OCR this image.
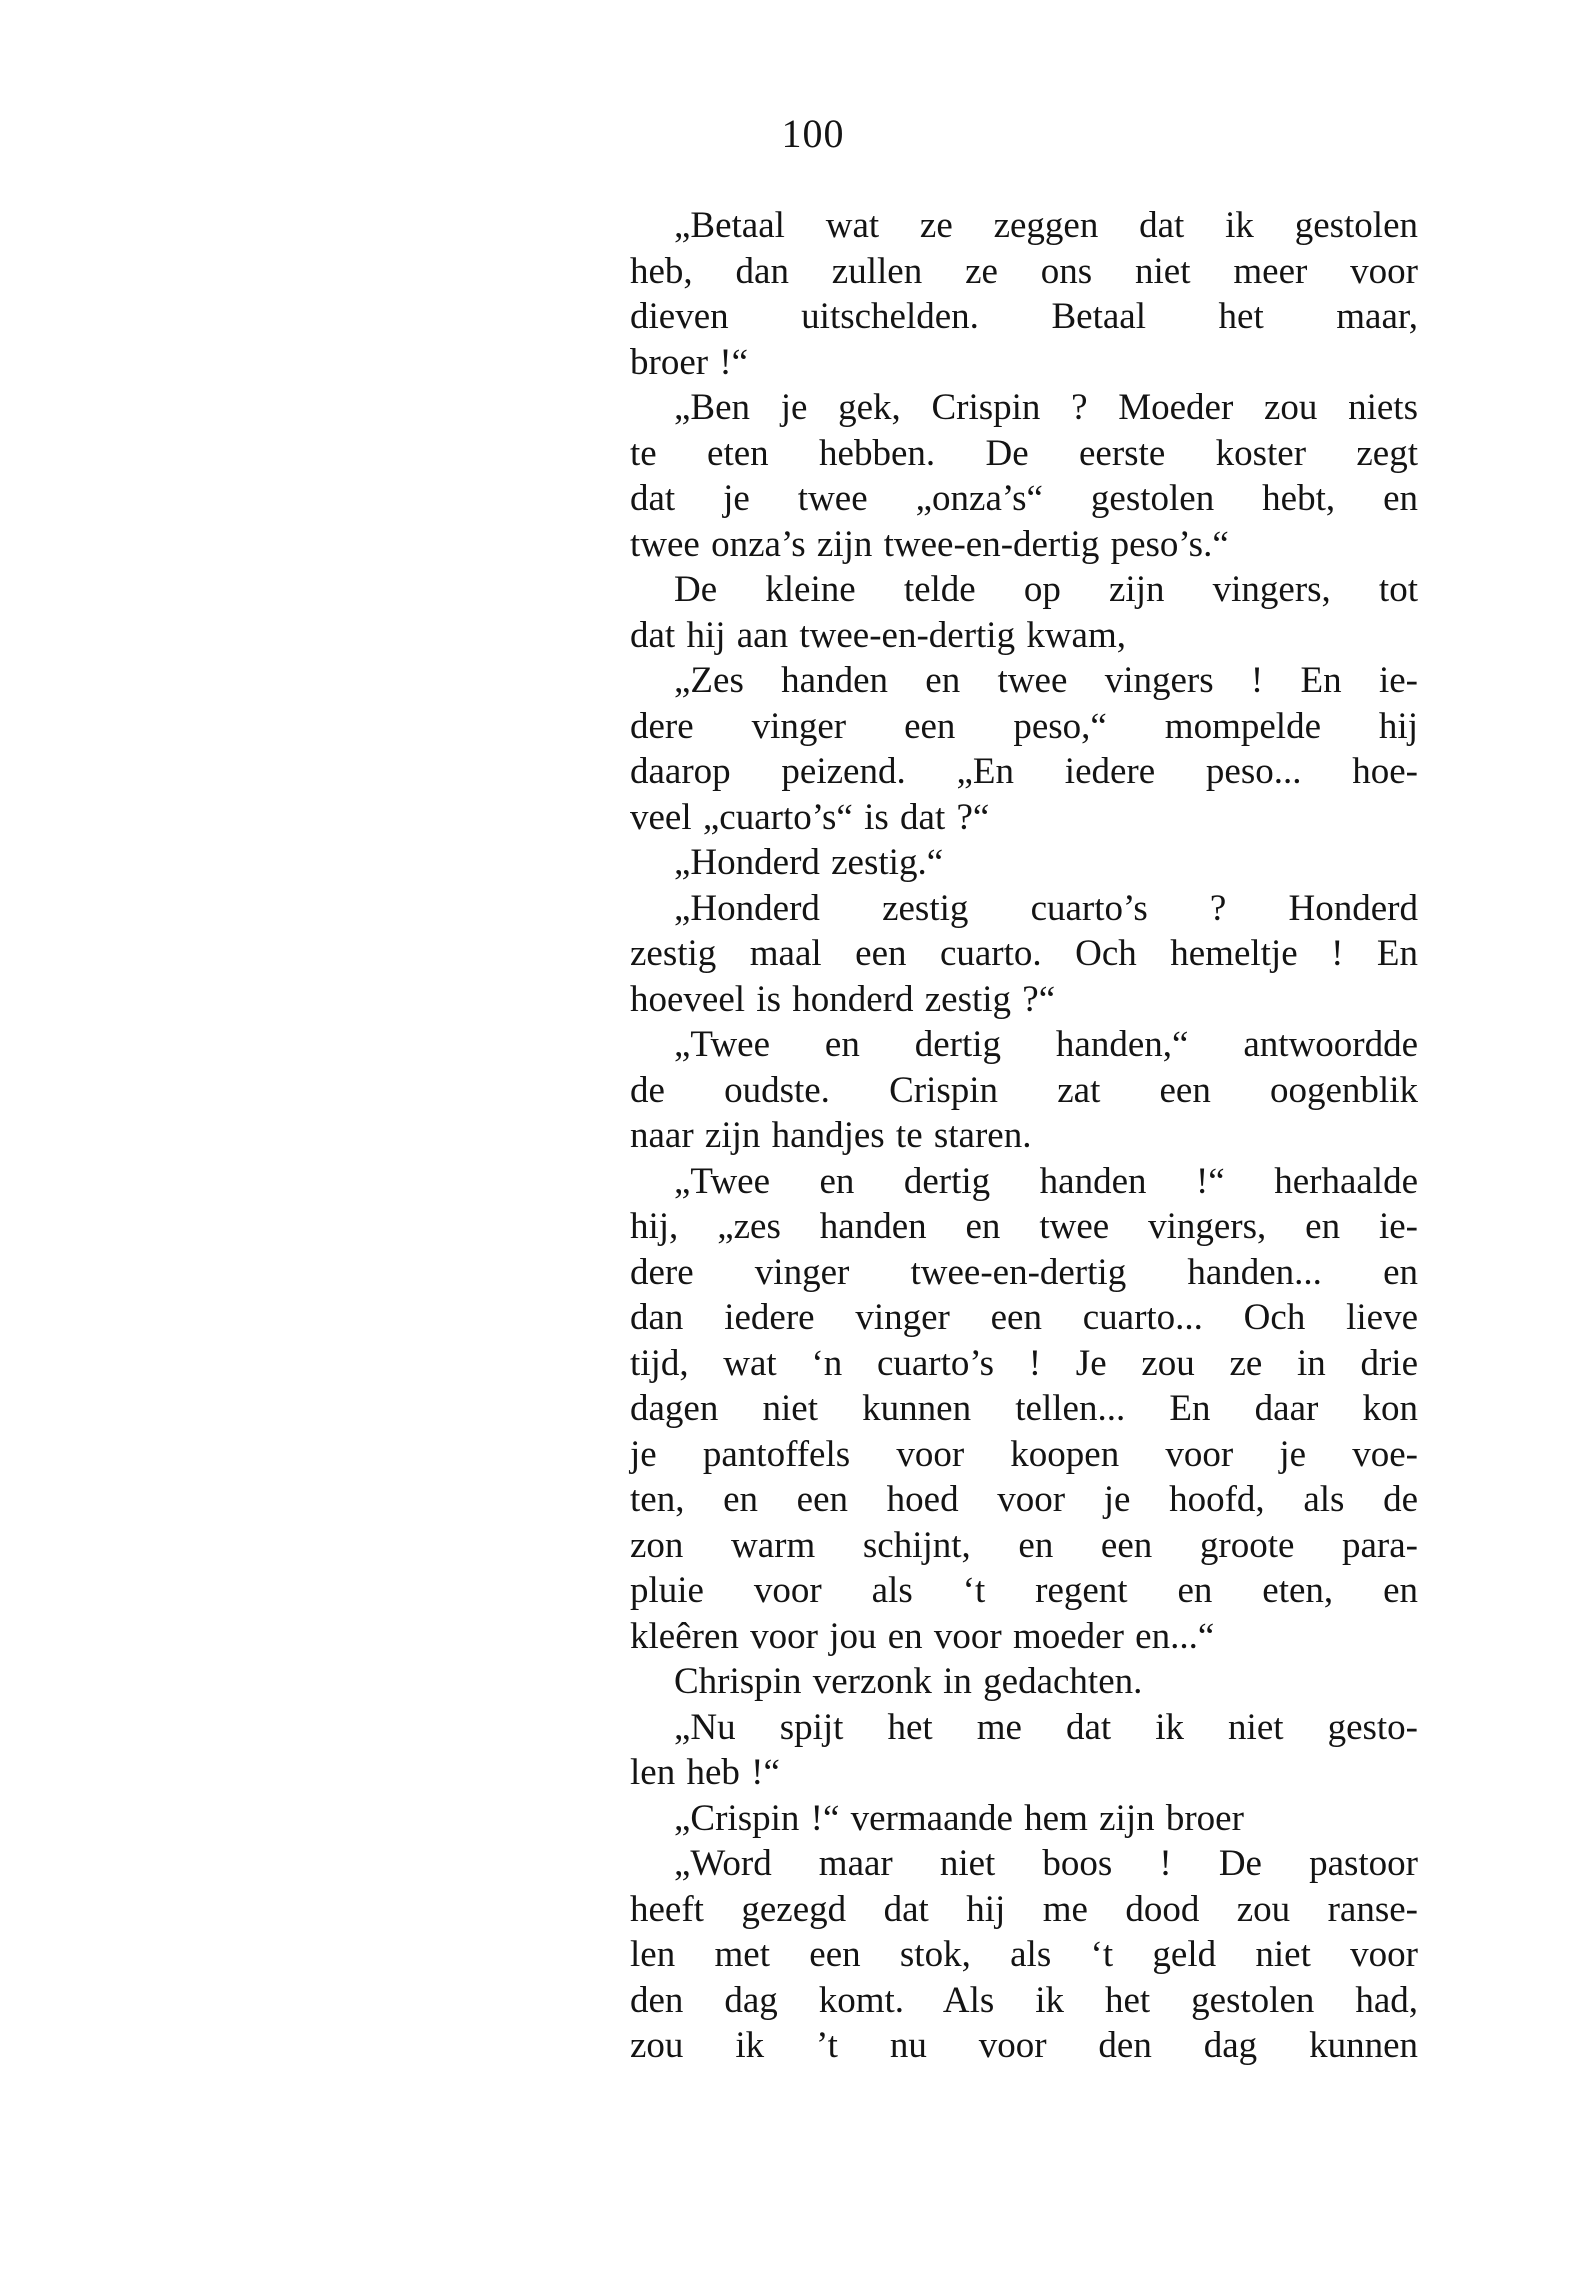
100
„Betaal wat ze zeggen dat ik gestolen
heb, dan zullen ze ons niet meer voor
dieven uitschelden. Betaal het maar,
broer !“
„Ben je gek, Crispin ? Moeder zou niets
te eten hebben. De eerste koster zegt
dat je twee „onza’s“ gestolen hebt, en
twee onza’s zijn twee-en-dertig peso’s.“
De kleine telde op zijn vingers, tot
dat hij aan twee-en-dertig kwam,
„Zes handen en twee vingers ! En ie-
dere vinger een peso,“ mompelde hij
daarop peizend. „En iedere peso... hoe-
veel „cuarto’s“ is dat ?“
„Honderd zestig.“
„Honderd zestig cuarto’s ? Honderd
zestig maal een cuarto. Och hemeltje ! En
hoeveel is honderd zestig ?“
„Twee en dertig handen,“ antwoordde
de oudste. Crispin zat een oogenblik
naar zijn handjes te staren.
„Twee en dertig handen !“ herhaalde
hij, „zes handen en twee vingers, en ie-
dere vinger twee-en-dertig handen... en
dan iedere vinger een cuarto... Och lieve
tijd, wat ‘n cuarto’s ! Je zou ze in drie
dagen niet kunnen tellen... En daar kon
je pantoffels voor koopen voor je voe-
ten, en een hoed voor je hoofd, als de
zon warm schijnt, en een groote para-
pluie voor als ‘t regent en eten, en
kleêren voor jou en voor moeder en...“
Chrispin verzonk in gedachten.
„Nu spijt het me dat ik niet gesto-
len heb !“
„Crispin !“ vermaande hem zijn broer
„Word maar niet boos ! De pastoor
heeft gezegd dat hij me dood zou ranse-
len met een stok, als ‘t geld niet voor
den dag komt. Als ik het gestolen had,
zou ik ’t nu voor den dag kunnen
